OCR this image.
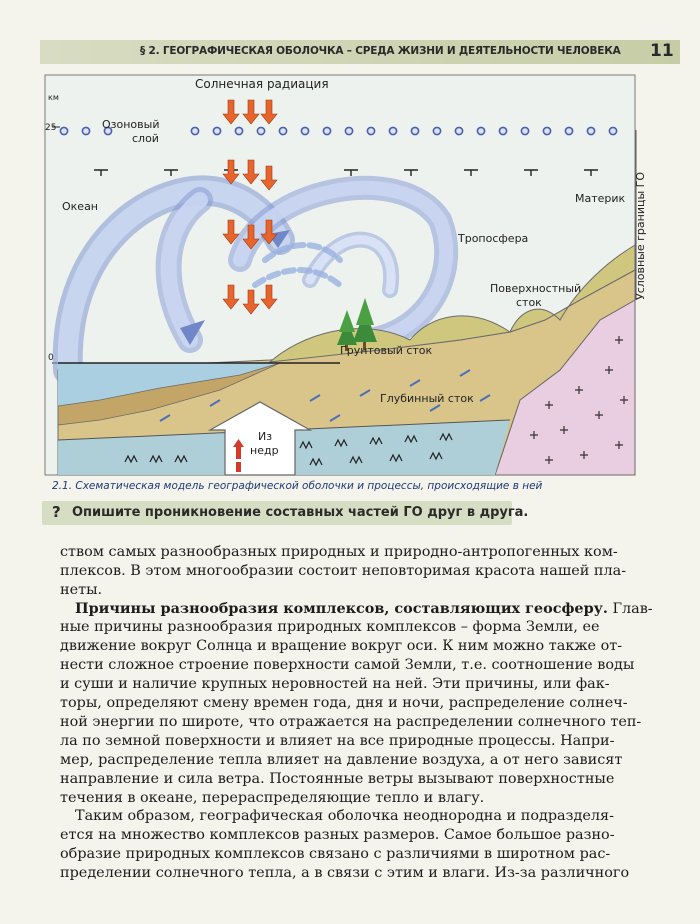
§ 2. ГЕОГРАФИЧЕСКАЯ ОБОЛОЧКА – СРЕДА ЖИЗНИ И ДЕЯТЕЛЬНОСТИ ЧЕЛОВЕКА 11
км
25
0
Солнечная радиация
Озоновый
слой
Океан
Материк
Тропосфера
Поверхностный
сток
Грунтовый сток
Глубинный сток
Из
недр
Условные границы ГО
2.1. Схематическая модель географической оболочки и процессы, происходящие в ней
? Опишите проникновение составных частей ГО друг в друга.
ством самых разнообразных природных и природно-антропогенных ком-
плексов. В этом многообразии состоит неповторимая красота нашей пла-
неты.
Причины разнообразия комплексов, составляющих геосферу. Глав-
ные причины разнообразия природных комплексов – форма Земли, ее
движение вокруг Солнца и вращение вокруг оси. К ним можно также от-
нести сложное строение поверхности самой Земли, т.е. соотношение воды
и суши и наличие крупных неровностей на ней. Эти причины, или фак-
торы, определяют смену времен года, дня и ночи, распределение солнеч-
ной энергии по широте, что отражается на распределении солнечного теп-
ла по земной поверхности и влияет на все природные процессы. Напри-
мер, распределение тепла влияет на давление воздуха, а от него зависят
направление и сила ветра. Постоянные ветры вызывают поверхностные
течения в океане, перераспределяющие тепло и влагу.
Таким образом, географическая оболочка неоднородна и подразделя-
ется на множество комплексов разных размеров. Самое большое разно-
образие природных комплексов связано с различиями в широтном рас-
пределении солнечного тепла, а в связи с этим и влаги. Из-за различного
